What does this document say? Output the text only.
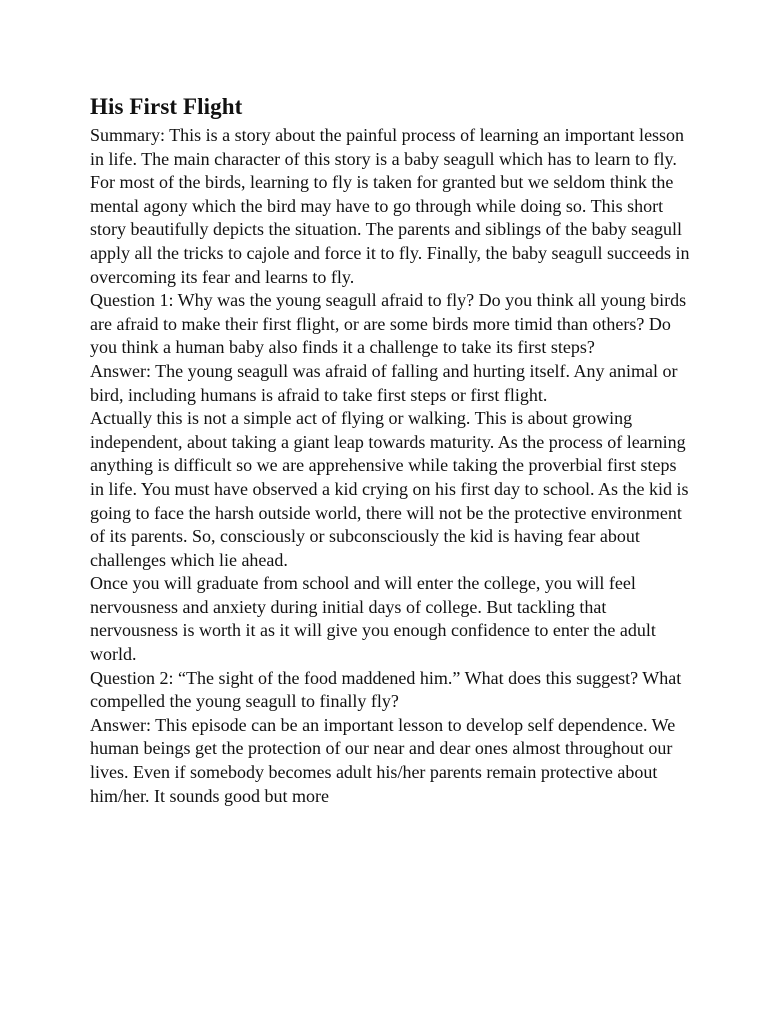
His First Flight

Summary: This is a story about the painful process of learning an important lesson in life. The main character of this story is a baby seagull which has to learn to fly. For most of the birds, learning to fly is taken for granted but we seldom think the mental agony which the bird may have to go through while doing so. This short story beautifully depicts the situation. The parents and siblings of the baby seagull apply all the tricks to cajole and force it to fly. Finally, the baby seagull succeeds in overcoming its fear and learns to fly.

Question 1: Why was the young seagull afraid to fly? Do you think all young birds are afraid to make their first flight, or are some birds more timid than others? Do you think a human baby also finds it a challenge to take its first steps?

Answer: The young seagull was afraid of falling and hurting itself. Any animal or bird, including humans is afraid to take first steps or first flight.

Actually this is not a simple act of flying or walking. This is about growing independent, about taking a giant leap towards maturity. As the process of learning anything is difficult so we are apprehensive while taking the proverbial first steps in life. You must have observed a kid crying on his first day to school. As the kid is going to face the harsh outside world, there will not be the protective environment of its parents. So, consciously or subconsciously the kid is having fear about challenges which lie ahead.

Once you will graduate from school and will enter the college, you will feel nervousness and anxiety during initial days of college. But tackling that nervousness is worth it as it will give you enough confidence to enter the adult world.

Question 2: “The sight of the food maddened him.” What does this suggest? What compelled the young seagull to finally fly?

Answer: This episode can be an important lesson to develop self dependence. We human beings get the protection of our near and dear ones almost throughout our lives. Even if somebody becomes adult his/her parents remain protective about him/her. It sounds good but more
